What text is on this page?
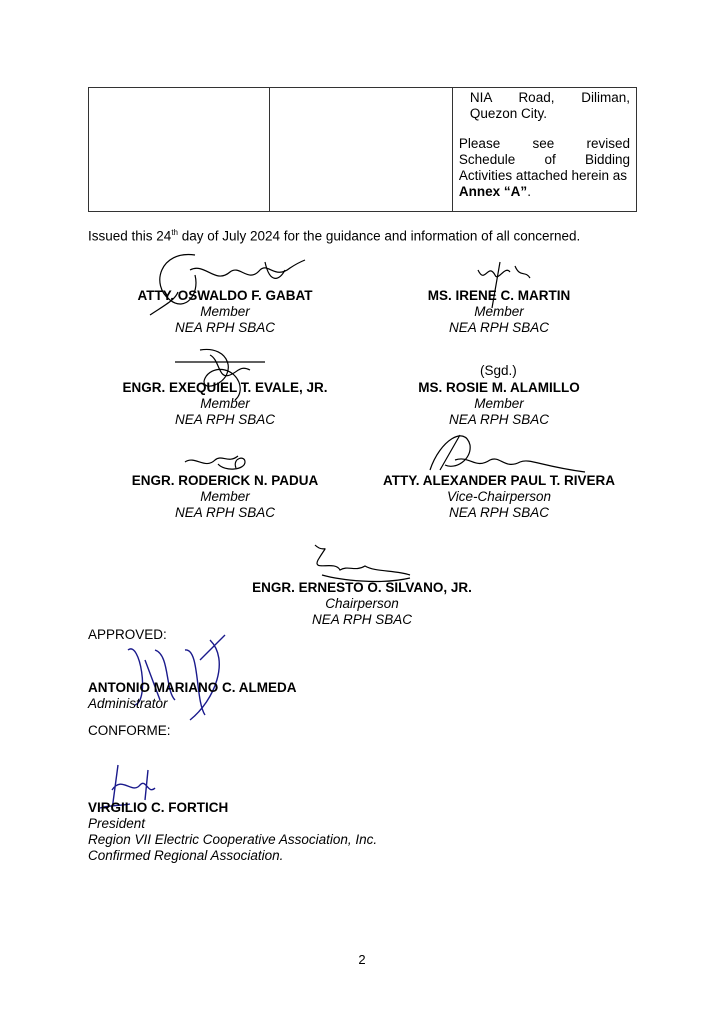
NIA Road, Diliman,
Quezon City.
Please see revised
Schedule of Bidding
Activities attached herein as
Annex “A”.
Issued this 24th day of July 2024 for the guidance and information of all concerned.
ATTY. OSWALDO F. GABAT
Member
NEA RPH SBAC
MS. IRENE C. MARTIN
Member
NEA RPH SBAC
ENGR. EXEQUIEL T. EVALE, JR.
Member
NEA RPH SBAC
(Sgd.)
MS. ROSIE M. ALAMILLO
Member
NEA RPH SBAC
ENGR. RODERICK N. PADUA
Member
NEA RPH SBAC
ATTY. ALEXANDER PAUL T. RIVERA
Vice-Chairperson
NEA RPH SBAC
ENGR. ERNESTO O. SILVANO, JR.
Chairperson
NEA RPH SBAC
APPROVED:
ANTONIO MARIANO C. ALMEDA
Administrator
CONFORME:
VIRGILIO C. FORTICH
President
Region VII Electric Cooperative Association, Inc.
Confirmed Regional Association.
2
